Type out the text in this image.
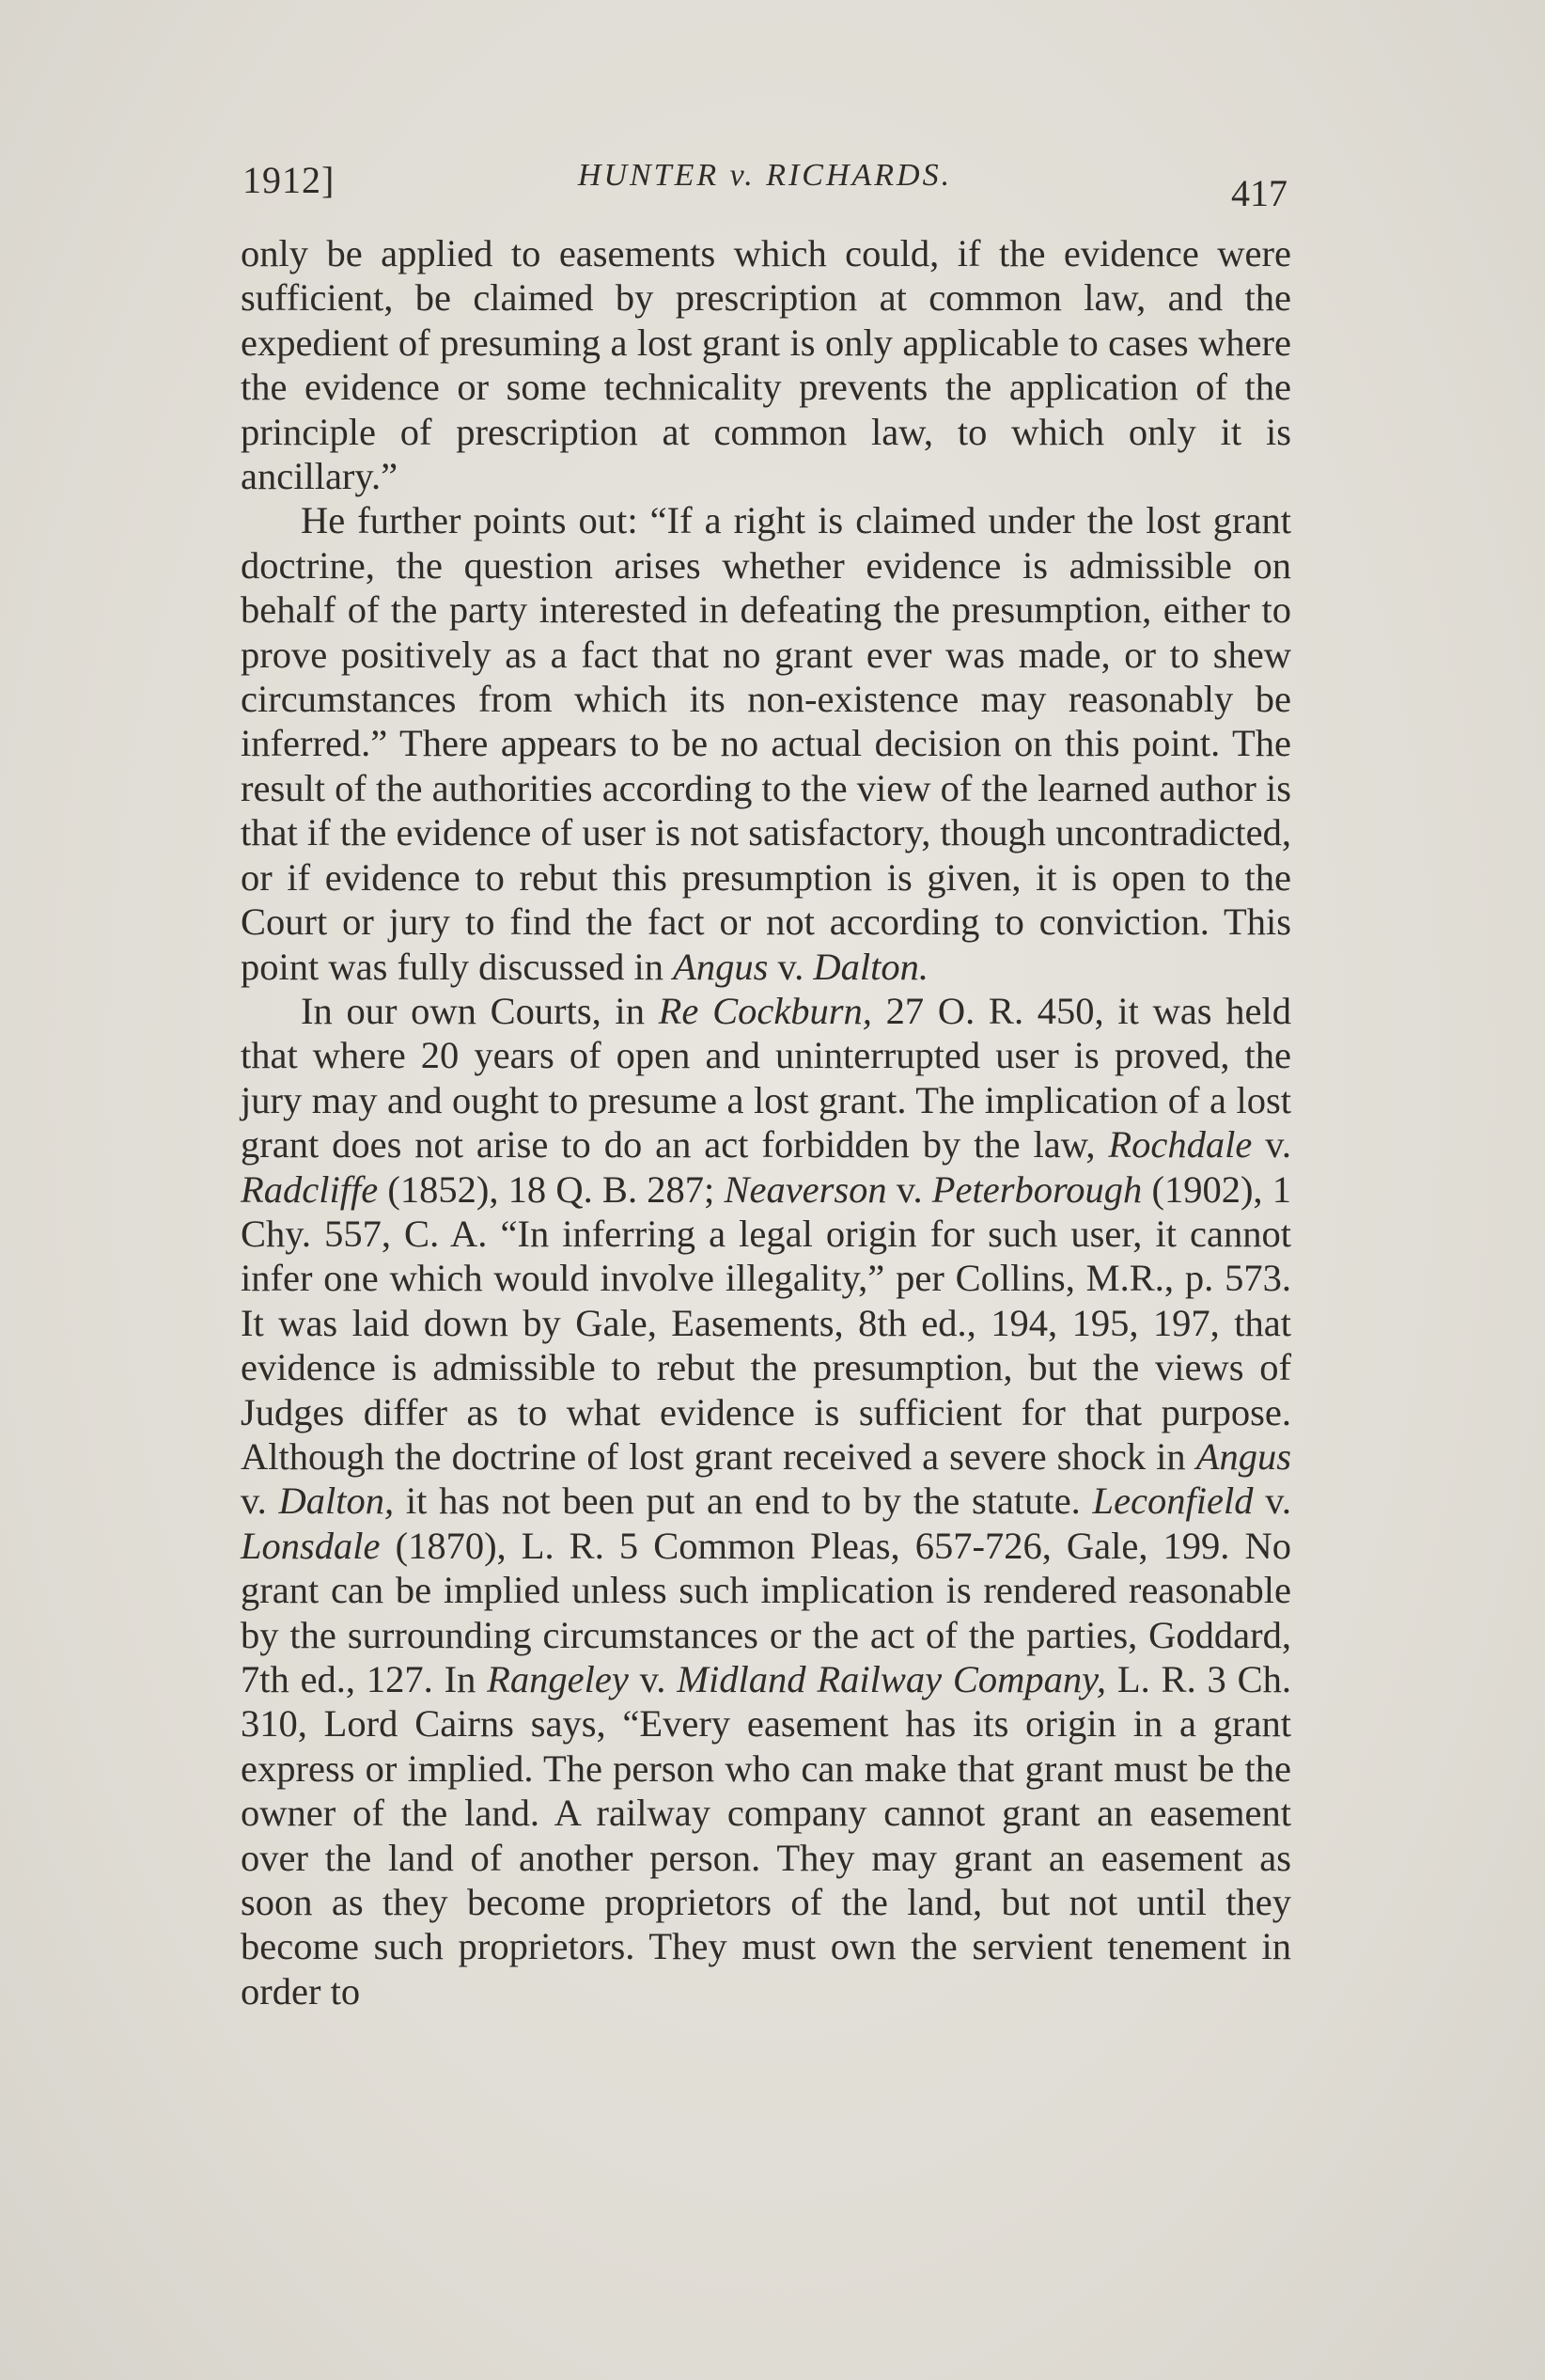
1912]	HUNTER v. RICHARDS.	417

only be applied to easements which could, if the evidence were sufficient, be claimed by prescription at common law, and the expedient of presuming a lost grant is only applicable to cases where the evidence or some technicality prevents the application of the principle of prescription at common law, to which only it is ancillary.”

He further points out: “If a right is claimed under the lost grant doctrine, the question arises whether evidence is admissible on behalf of the party interested in defeating the presumption, either to prove positively as a fact that no grant ever was made, or to shew circumstances from which its non-existence may reasonably be inferred.” There appears to be no actual decision on this point. The result of the authorities according to the view of the learned author is that if the evidence of user is not satisfactory, though uncontradicted, or if evidence to rebut this presumption is given, it is open to the Court or jury to find the fact or not according to conviction. This point was fully discussed in Angus v. Dalton.

In our own Courts, in Re Cockburn, 27 O. R. 450, it was held that where 20 years of open and uninterrupted user is proved, the jury may and ought to presume a lost grant. The implication of a lost grant does not arise to do an act forbidden by the law, Rochdale v. Radcliffe (1852), 18 Q. B. 287; Neaverson v. Peterborough (1902), 1 Chy. 557, C. A. “In inferring a legal origin for such user, it cannot infer one which would involve illegality,” per Collins, M.R., p. 573. It was laid down by Gale, Easements, 8th ed., 194, 195, 197, that evidence is admissible to rebut the presumption, but the views of Judges differ as to what evidence is sufficient for that purpose. Although the doctrine of lost grant received a severe shock in Angus v. Dalton, it has not been put an end to by the statute. Leconfield v. Lonsdale (1870), L. R. 5 Common Pleas, 657-726, Gale, 199. No grant can be implied unless such implication is rendered reasonable by the surrounding circumstances or the act of the parties, Goddard, 7th ed., 127. In Rangeley v. Midland Railway Company, L. R. 3 Ch. 310, Lord Cairns says, “Every easement has its origin in a grant express or implied. The person who can make that grant must be the owner of the land. A railway company cannot grant an easement over the land of another person. They may grant an easement as soon as they become proprietors of the land, but not until they become such proprietors. They must own the servient tenement in order to
